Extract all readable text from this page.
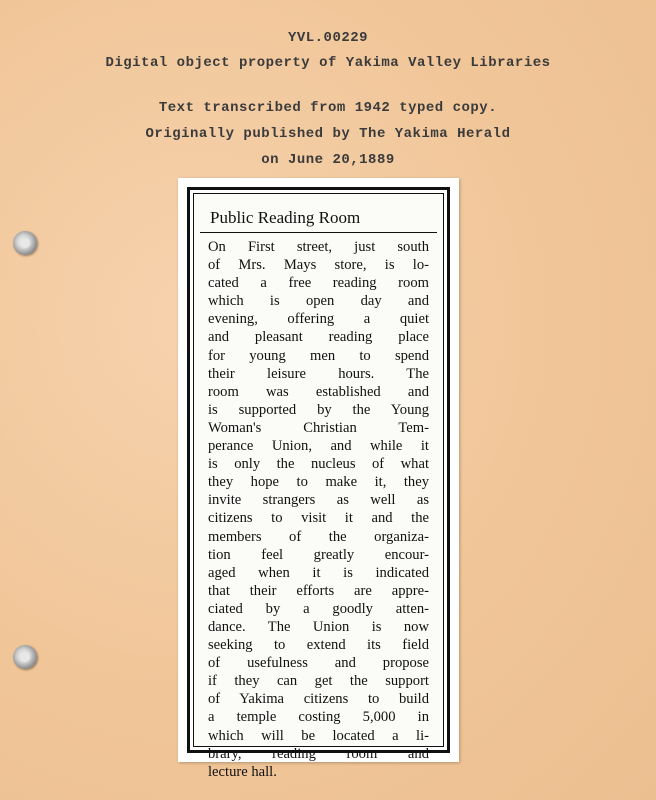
YVL.00229
Digital object property of Yakima Valley Libraries
Text transcribed from 1942 typed copy.
Originally published by The Yakima Herald
on June 20,1889
Public Reading Room
On First street, just south
of Mrs. Mays store, is lo-
cated a free reading room
which is open day and
evening, offering a quiet
and pleasant reading place
for young men to spend
their leisure hours. The
room was established and
is supported by the Young
Woman's Christian Tem-
perance Union, and while it
is only the nucleus of what
they hope to make it, they
invite strangers as well as
citizens to visit it and the
members of the organiza-
tion feel greatly encour-
aged when it is indicated
that their efforts are appre-
ciated by a goodly atten-
dance. The Union is now
seeking to extend its field
of usefulness and propose
if they can get the support
of Yakima citizens to build
a temple costing 5,000 in
which will be located a li-
brary, reading room and
lecture hall.
